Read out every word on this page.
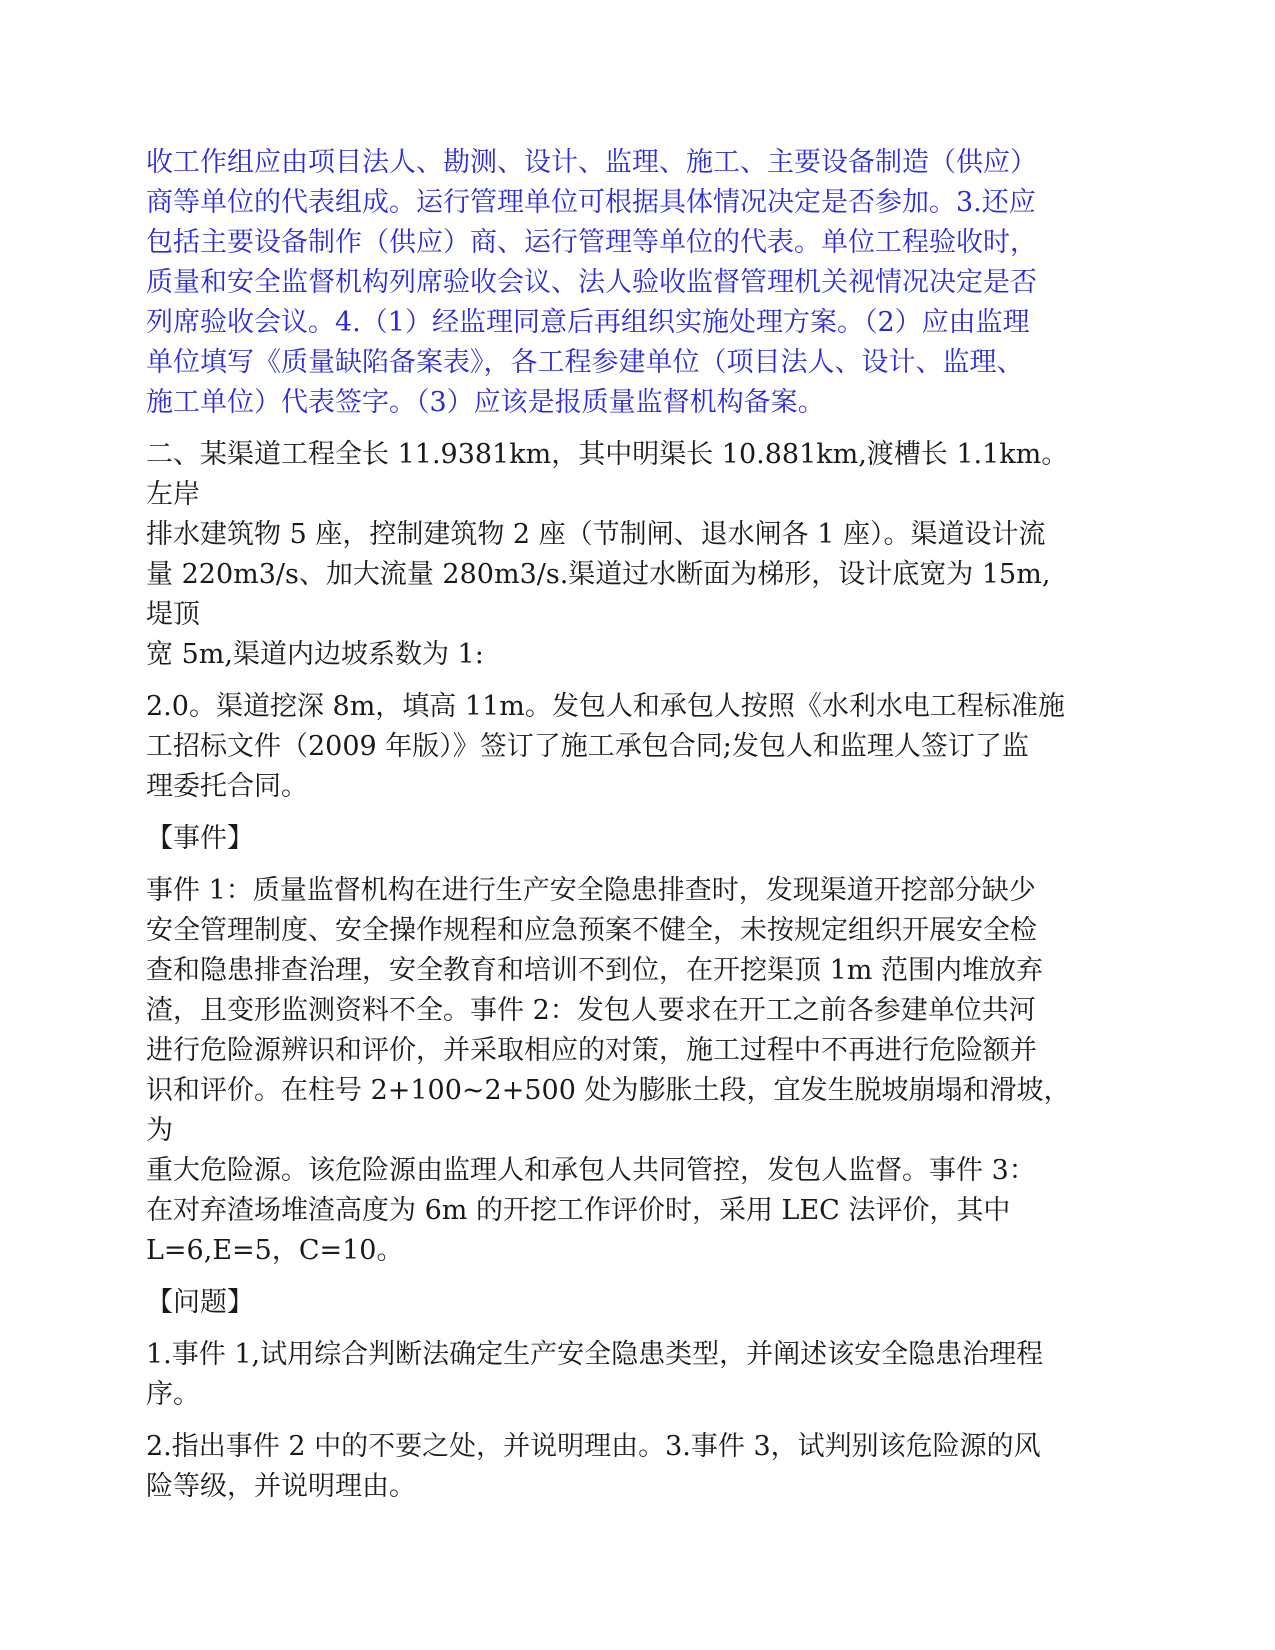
收工作组应由项目法人、勘测、设计、监理、施工、主要设备制造（供应）
商等单位的代表组成。运行管理单位可根据具体情况决定是否参加。3.还应
包括主要设备制作（供应）商、运行管理等单位的代表。单位工程验收时，
质量和安全监督机构列席验收会议、法人验收监督管理机关视情况决定是否
列席验收会议。4.（1）经监理同意后再组织实施处理方案。（2）应由监理
单位填写《质量缺陷备案表》，各工程参建单位（项目法人、设计、监理、
施工单位）代表签字。（3）应该是报质量监督机构备案。

二、某渠道工程全长 11.9381km，其中明渠长 10.881km,渡槽长 1.1km。左岸
排水建筑物 5 座，控制建筑物 2 座（节制闸、退水闸各 1 座）。渠道设计流
量 220m3/s、加大流量 280m3/s.渠道过水断面为梯形，设计底宽为 15m,堤顶
宽 5m,渠道内边坡系数为 1:

2.0。渠道挖深 8m，填高 11m。发包人和承包人按照《水利水电工程标准施
工招标文件（2009 年版）》签订了施工承包合同;发包人和监理人签订了监
理委托合同。

【事件】

事件 1：质量监督机构在进行生产安全隐患排查时，发现渠道开挖部分缺少
安全管理制度、安全操作规程和应急预案不健全，未按规定组织开展安全检
查和隐患排查治理，安全教育和培训不到位，在开挖渠顶 1m 范围内堆放弃
渣，且变形监测资料不全。事件 2：发包人要求在开工之前各参建单位共河
进行危险源辨识和评价，并采取相应的对策，施工过程中不再进行危险额并
识和评价。在柱号 2+100~2+500 处为膨胀土段，宜发生脱坡崩塌和滑坡，为
重大危险源。该危险源由监理人和承包人共同管控，发包人监督。事件 3：
在对弃渣场堆渣高度为 6m 的开挖工作评价时，采用 LEC 法评价，其中
L=6,E=5，C=10。

【问题】

1.事件 1,试用综合判断法确定生产安全隐患类型，并阐述该安全隐患治理程
序。

2.指出事件 2 中的不要之处，并说明理由。3.事件 3，试判别该危险源的风
险等级，并说明理由。
